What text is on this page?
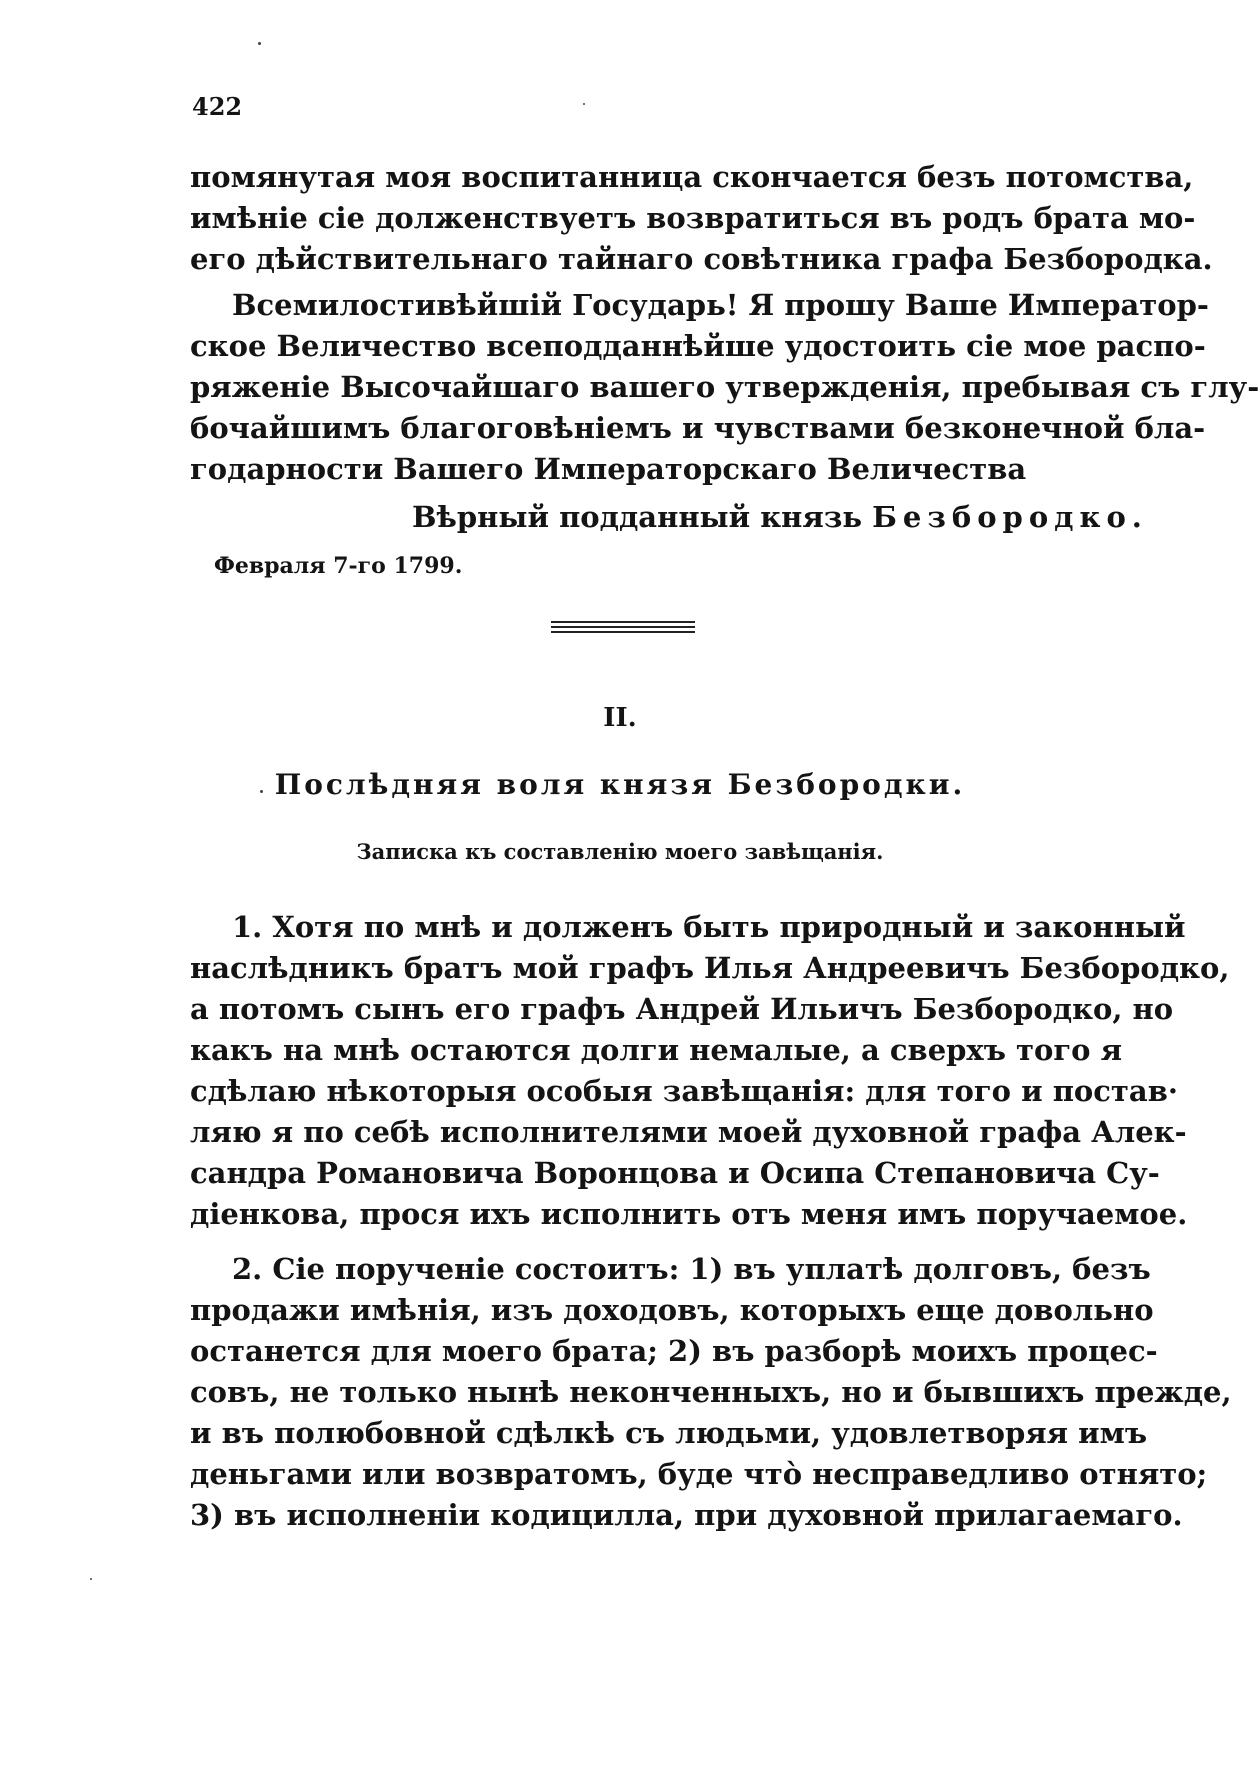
422
помянутая моя воспитанница скончается безъ потомства,
имѣніе сіе долженствуетъ возвратиться въ родъ брата мо-
его дѣйствительнаго тайнаго совѣтника графа Безбородка.
Всемилостивѣйшій Государь! Я прошу Ваше Император-
ское Величество всеподданнѣйше удостоить сіе мое распо-
ряженіе Высочайшаго вашего утвержденія, пребывая съ глу-
бочайшимъ благоговѣніемъ и чувствами безконечной бла-
годарности Вашего Императорскаго Величества
Вѣрный подданный князь Безбородко.
Февраля 7-го 1799.
II.
Послѣдняя воля князя Безбородки.
Записка къ составленію моего завѣщанія.
1. Хотя по мнѣ и долженъ быть природный и законный
наслѣдникъ братъ мой графъ Илья Андреевичъ Безбородко,
а потомъ сынъ его графъ Андрей Ильичъ Безбородко, но
какъ на мнѣ остаются долги немалые, а сверхъ того я
сдѣлаю нѣкоторыя особыя завѣщанія: для того и постав·
ляю я по себѣ исполнителями моей духовной графа Алек-
сандра Романовича Воронцова и Осипа Степановича Су-
діенкова, прося ихъ исполнить отъ меня имъ поручаемое.
2. Сіе порученіе состоитъ: 1) въ уплатѣ долговъ, безъ
продажи имѣнія, изъ доходовъ, которыхъ еще довольно
останется для моего брата; 2) въ разборѣ моихъ процес-
совъ, не только нынѣ неконченныхъ, но и бывшихъ прежде,
и въ полюбовной сдѣлкѣ съ людьми, удовлетворяя имъ
деньгами или возвратомъ, буде чтò несправедливо отнято;
3) въ исполненіи кодицилла, при духовной прилагаемаго.
